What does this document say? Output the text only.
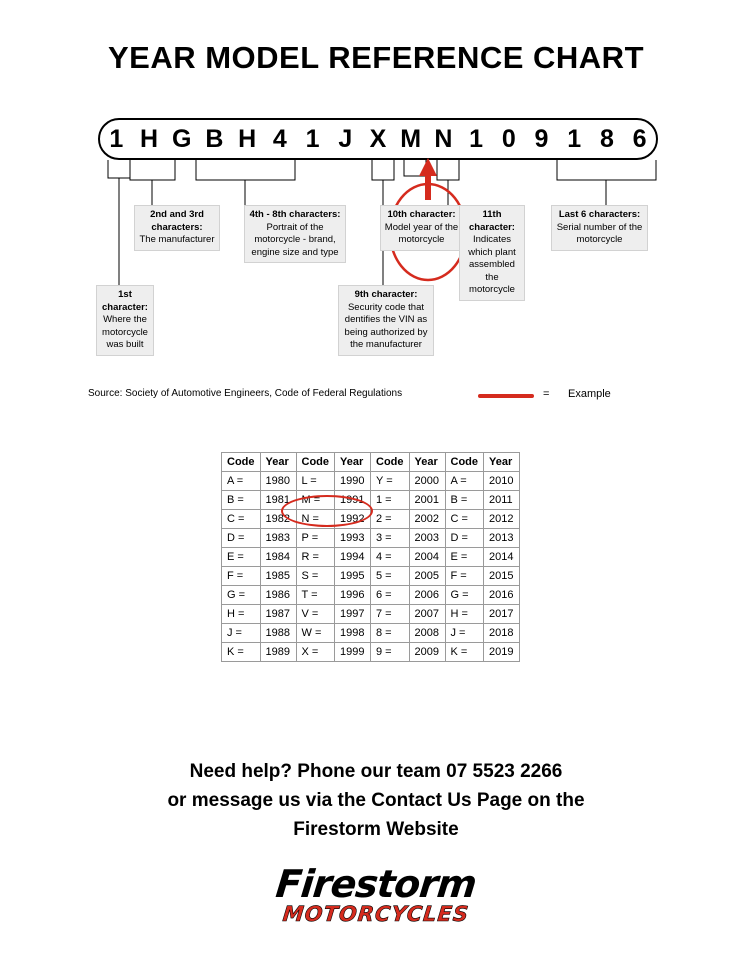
YEAR MODEL REFERENCE CHART
1 H G B H 4 1 J X M N 1 0 9 1 8 6
1st character:
Where the motorcycle was built
2nd and 3rd characters:
The manufacturer
4th - 8th characters:
Portrait of the motorcycle - brand, engine size and type
9th character:
Security code that dentifies the VIN as being authorized by the manufacturer
10th character:
Model year of the motorcycle
11th character:
Indicates which plant assembled the motorcycle
Last 6 characters:
Serial number of the motorcycle
Source: Society of Automotive Engineers, Code of Federal Regulations	= Example
Code	Year	Code	Year	Code	Year	Code	Year
A =	1980	L =	1990	Y =	2000	A =	2010
B =	1981	M =	1991	1 =	2001	B =	2011
C =	1982	N =	1992	2 =	2002	C =	2012
D =	1983	P =	1993	3 =	2003	D =	2013
E =	1984	R =	1994	4 =	2004	E =	2014
F =	1985	S =	1995	5 =	2005	F =	2015
G =	1986	T =	1996	6 =	2006	G =	2016
H =	1987	V =	1997	7 =	2007	H =	2017
J =	1988	W =	1998	8 =	2008	J =	2018
K =	1989	X =	1999	9 =	2009	K =	2019
Need help? Phone our team 07 5523 2266
or message us via the Contact Us Page on the
Firestorm Website
Firestorm
MOTORCYCLES
